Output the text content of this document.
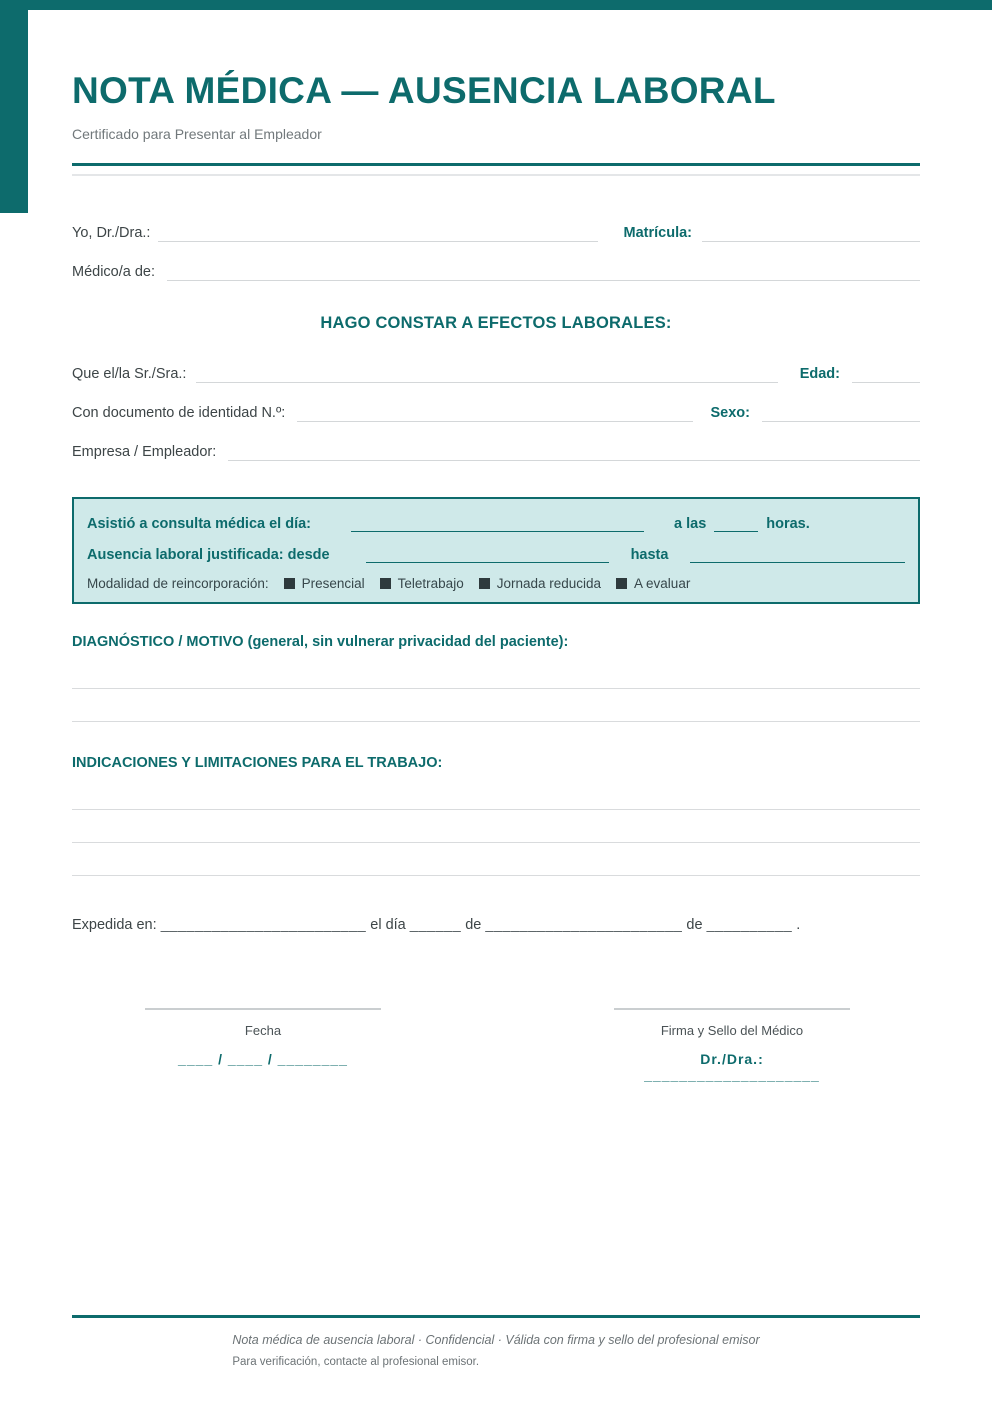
NOTA MÉDICA — AUSENCIA LABORAL

Certificado para Presentar al Empleador

Yo, Dr./Dra.:	Matrícula:
Médico/a de:
HAGO CONSTAR A EFECTOS LABORALES:
Que el/la Sr./Sra.:	Edad:
Con documento de identidad N.º:	Sexo:
Empresa / Empleador:
Asistió a consulta médica el día:	a las	horas.
Ausencia laboral justificada: desde	hasta
Modalidad de reincorporación:	Presencial	Teletrabajo	Jornada reducida	A evaluar
DIAGNÓSTICO / MOTIVO (general, sin vulnerar privacidad del paciente):
INDICACIONES Y LIMITACIONES PARA EL TRABAJO:
Expedida en: ________________________ el día ______ de _______________________ de __________ .
Fecha
____ / ____ / ________
Firma y Sello del Médico
Dr./Dra.: ____________________

Nota médica de ausencia laboral · Confidencial · Válida con firma y sello del profesional emisor

Para verificación, contacte al profesional emisor.
